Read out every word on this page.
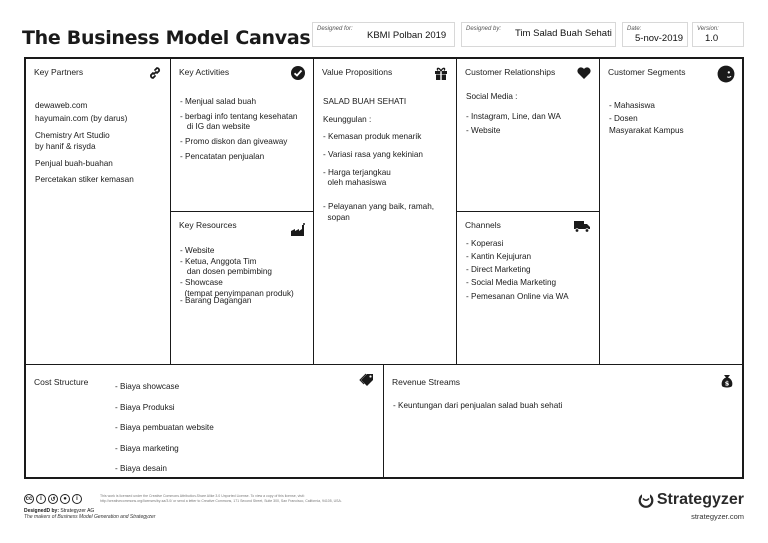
The Business Model Canvas Designed for:
KBMI Polban 2019
Designed by: Tim Salad Buah Sehati	Date:
5-nov-2019
Version:
1.0
Key Partners
dewaweb.com
hayumain.com (by darus)
Chemistry Art Studio
by hanif & risyda
Penjual buah-buahan
Percetakan stiker kemasan
Key Activities
- Menjual salad buah
- berbagi info tentang kesehatan
di IG dan website
- Promo diskon dan giveaway
- Pencatatan penjualan
Key Resources
- Website
- Ketua, Anggota Tim
dan dosen pembimbing
- Showcase
(tempat penyimpanan produk)
- Barang Dagangan
Value Propositions
SALAD BUAH SEHATI
Keunggulan :
- Kemasan produk menarik
- Variasi rasa yang kekinian
- Harga terjangkau
oleh mahasiswa
- Pelayanan yang baik, ramah,
sopan
Customer Relationships
Social Media :
- Instagram, Line, dan WA
- Website
Channels
- Koperasi
- Kantin Kejujuran
- Direct Marketing
- Social Media Marketing
- Pemesanan Online via WA
Customer Segments
- Mahasiswa
- Dosen
Masyarakat Kampus
Cost Structure	- Biaya showcase
- Biaya Produksi
- Biaya pembuatan website
- Biaya marketing
- Biaya desain
Revenue Streams	$
- Keuntungan dari penjualan salad buah sehati
cc	i	↺	●	i	This work is licensed under the Creative Commons Attribution-Share Alike 3.0 Unported License. To view a copy of this license, visit: http://creativecommons.org/licenses/by-sa/3.0/ or send a letter to Creative Commons, 171 Second Street, Suite 300, San Francisco, California, 94105, USA.
DesignedD by: Strategyzer AG
The makers of Business Model Generation and Strategyzer
Strategyzer
strategyzer.com
